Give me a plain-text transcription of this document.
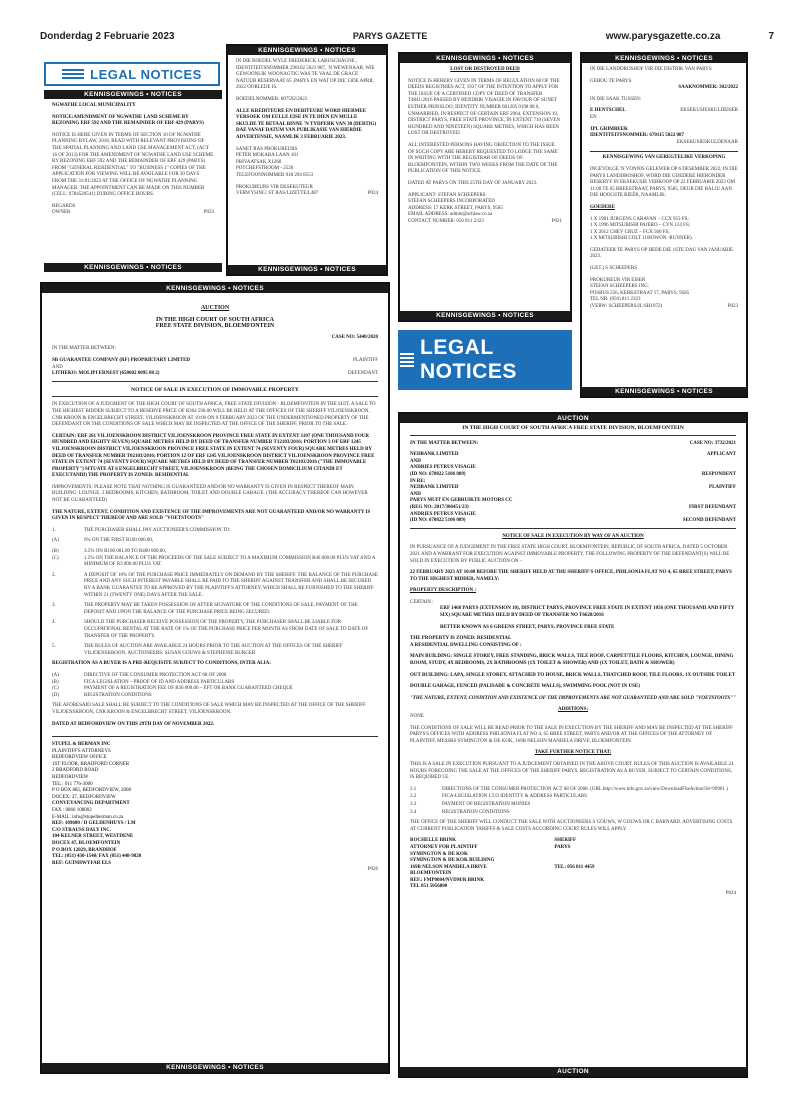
Donderdag 2 Februarie 2023	PARYS GAZETTE	www.parysgazette.co.za	7
LEGAL NOTICES
KENNISGEWINGS • NOTICES

NGWATHE LOCAL MUNICIPALITY

NOTICE:AMENDMENT OF NGWATHE LAND SCHEME BY REZONING ERF 592 AND THE REMAINDER OF ERF 429 (PARYS)

NOTICE IS HERE GIVEN IN TERMS OF SECTION 10 OF NGWATHE PLANNING BYLAW, 2018, READ WITH RELEVANT PROVISIONS OF THE SPATIAL PLANNING AND LAND USE MANAGEMENT ACT, (ACT 16 OF 2013) FOR THE AMENDMENT OF NGWATHE LAND USE SCHEME BY REZONING ERF 592 AND THE REMAINDER OF ERF 429 (PARYS) FROM "GENERAL RESIDENTIAL" TO "BUSINESS 1" COPIES OF THE APPLICATION FOR VIEWING WILL BE AVAILABLE FOR 30 DAYS FROM THE 31/01/2023 AT THE OFFICE OF NGWATHE PLANNING MANAGER. THE APPOINTMENT CAN BE MADE ON THIS NUMBER (CELL: 0784520541) DURING OFFICE HOURS.

REGARDS
OWNER	P033
KENNISGEWINGS • NOTICES
KENNISGEWINGS • NOTICES

IN DIE BOEDEL WYLE FREDERICK LABUSCHAGNE , IDENTITEITSNOMMER 290102 5021 087, 'N WEWENAAR, WIE GEWOONLIK WOONAGTIG WAS TE VAAL DE GRACE NATUUR RESERVAAT 65 ,PARYS EN WAT OP DIE 13DE APRIL 2022 OORLEDE IS.

BOEDELNOMMER: 007592/2022

ALLE KREDITEURE EN DEBITEURE WORD HIERMEE VERSOEK OM EULLE EISE IN TE DIEN EN MULLE SKULDE TE BETAAL BINNE 'N TYDPERK VAN 30 (DERTIG) DAE VANAF DATUM VAN PUBLIKASIE VAN HIERDIE ADVERTENSIE, NAAMLIK 3 FEBRUARIE 2023.

SANET RAS PROKUREURS
PETER MOKABA LAAN 101
PRIVAATSAK X1268
POTCHEFSTROOM - 2520

TELEFOONNOMMER 018 294 8553

PROKUREURS VIR EKSEKUTEUR
VERWYSING: ST RAS/LIZETTE/L487	P024
KENNISGEWINGS • NOTICES
KENNISGEWINGS • NOTICES

LOST OR DESTROYED DEED

NOTICE IS HEREBY GIVEN IN TERMS OF REGULATION 68 OF THE DEEDS REGISTRIES ACT, 1937 OF THE INTENTION TO APPLY FOR THE ISSUE OF A CERTIFIED COPY OF DEED OF TRANSFER T4841/2016 PASSED BY HENDRIK VISAGIE IN FAVOUR OF SUNET ESTHER PRINSLOO, IDENTITY NUMBER 601205 0198 08 0, UNMARRIED, IN RESPECT OF CERTAIN ERF 2964, EXTENSION 19, DISTRICT PARYS, FREE STATE PROVINCE, IN EXTENT 710 (SEVEN HUNDRED AND NINETEEN) SQUARE METRES, WHICH HAS BEEN LOST OR DESTROYED.

ALL INTERESTED PERSONS HAVING OBJECTION TO THE ISSUE OF SUCH COPY ARE HEREBY REQUESTED TO LODGE THE SAME IN WRITING WITH THE REGISTRAR OF DEEDS OF BLOEMFONTEIN, WITHIN TWO WEEKS FROM THE DATE OF THE PUBLICATION OF THIS NOTICE.

DATED AT PARYS ON THIS 25TH DAY OF JANUARY 2023.

APPLICANT: STEFAN SCHEEPERS
STEFAN SCHEEPERS INCORPORATED
ADDRESS: 17 KERK STREET, PARYS, 9585
EMAIL ADDRESS: admin@schlaw.co.za
CONTACT NUMBER: 056 811 2323	P021
KENNISGEWINGS • NOTICES
LEGAL NOTICES
KENNISGEWINGS • NOTICES

IN DIE LANDDROSHOF VIR DIE DISTRIK VAN PARYS

GEHOU TE PARYS

SAAKNOMMER: 302/2022

IN DIE SAAK TUSSEN:

E HENTSCHEL	EKSEKUSIESKULDEISER

EN

JPL GRIMBEEK
IDENTITEITSNOMMER: 670115 5022 087

EKSEKUSIESKULDENAAR

KENNISGEWING VAN GEREGTELIKE VERKOPING

INGEVOLGE 'N VONNIS GELEWER OP 6 DESEMBER 2022, IN DIE PARYS LANDDROSHOF, WORD DIE GOEDERE HIERONDER BESKRYF IN EKSEKUSIE VERKOOP OP 22 FEBRUARIE 2023 OM 11:00 TE 65 BREESTRAAT, PARYS, 9585, DEUR DIE BALJU AAN DIE HOOGSTE BIEËR, NAAMLIK:

GOEDERE

1 X 1981 JURGENS CARAVAN – CCX 953 FS;
1 X 1996 MITSUBISHI PAJERO – CYN 124 FS;
1 X 2012 CHEV CRUZ – FCX 560 FS;
1 X MITSUBISHI COLT 11003WON -RUNNER).

GEDATEER TE PARYS OP HEDE DIE 1STE DAG VAN JANUARIE 2023.

(GET.) S SCHEEPERS

PROKUREUR VIR EISER
STEFAN SCHEEPERS ING.
POSBUS 256, KERKSTRAAT 17, PARYS, 9585
TEL NR: (056) 811 2323
(VERW: SCHEEPERS/JL/SH1072)	P023
KENNISGEWINGS • NOTICES
KENNISGEWINGS • NOTICES

AUCTION

IN THE HIGH COURT OF SOUTH AFRICA

FREE STATE DIVISION, BLOEMFONTEIN

CASE NO: 5440/2020

IN THE MATTER BETWEEN:

SB GUARANTEE COMPANY (RF) PROPRIETARY LIMITED	PLAINTIFF
AND

LITHEKO: MOLIPI ERNEST (650602 6095 08 2)	DEFENDANT

NOTICE OF SALE IN EXECUTION OF IMMOVABLE PROPERTY

IN EXECUTION OF A JUDGMENT OF THE HIGH COURT OF SOUTH AFRICA, FREE STATE DIVISION - BLOEMFONTEIN IN THE SUIT, A SALE TO THE HIGHEST BIDDER SUBJECT TO A RESERVE PRICE OF R364 590.00 WILL BE HELD AT THE OFFICES OF THE SHERIFF VILJOENSKROON, CNR KROON & ENGELBRECHT STREET, VILJOENSKROON AT 10:00 ON 9 FEBRUARY 2023 OF THE UNDERMENTIONED PROPERTY OF THE DEFENDANT ON THE CONDITIONS OF SALE WHICH MAY BE INSPECTED AT THE OFFICE OF THE SHERIFF, PRIOR TO THE SALE.

CERTAIN: ERF 261 VILJOENSKROON DISTRICT VILJOENSKROON PROVINCE FREE STATE IN EXTENT 1107 (ONE THOUSAND FOUR HUNDRED AND EIGHTY SEVEN) SQUARE METRES HELD BY DEED OF TRANSFER NUMBER T12103/2016; PORTION 3 OF ERF 1245 VILJOENSKROON DISTRICT VILJOENSKROON PROVINCE FREE STATE IN EXTENT 74 (SEVENTY FOUR) SQUARE METRES HELD BY DEED OF TRANSFER NUMBER T02103/2016; PORTION 12 OF ERF 1245 VILJOENSKROON DISTRICT VILJOENSKROON PROVINCE FREE STATE IN EXTENT 74 (SEVENTY FOUR) SQUARE METRES HELD BY DEED OF TRANSFER NUMBER T02103/2016 ("THE IMMOVABLE PROPERTY") SITUATE AT 6 ENGELBRECHT STREET, VILJOENSKROON (BEING THE CHOSEN DOMICILIUM CITANDI ET EXECUTANDI) THE PROPERTY IS ZONED: RESIDENTIAL

IMPROVEMENTS: PLEASE NOTE THAT NOTHING IS GUARANTEED AND/OR NO WARRANTY IS GIVEN IN RESPECT THEREOF MAIN BUILDING: LOUNGE, 2 BEDROOMS, KITCHEN, BATHROOM, TOILET AND DOUBLE GARAGE. (THE ACCURACY THEREOF CAN HOWEVER NOT BE GUARANTEED)

THE NATURE, EXTENT, CONDITION AND EXISTENCE OF THE IMPROVEMENTS ARE NOT GUARANTEED AND/OR NO WARRANTY IS GIVEN IN RESPECT THEREOF AND ARE SOLD "VOETSTOOTS"

1.	THE PURCHASER SHALL PAY AUCTIONEER'S COMMISSION TO:
(A)	6% ON THE FIRST R100 000.00,
(B)	3.5% ON R100 001.00 TO R400 000.00,
(C)	1.5% ON THE BALANCE OF THE PROCEEDS OF THE SALE SUBJECT TO A MAXIMUM COMMISSION R40 000.00 PLUS VAT AND A MINIMUM OF R3 000.00 PLUS VAT
2.	A DEPOSIT OF 10% OF THE PURCHASE PRICE IMMEDIATELY ON DEMAND BY THE SHERIFF. THE BALANCE OF THE PURCHASE PRICE AND ANY SUCH INTEREST PAYABLE SHALL BE PAID TO THE SHERIFF AGAINST TRANSFER AND SHALL BE SECURED BY A BANK GUARANTEE TO BE APPROVED BY THE PLAINTIFF'S ATTORNEY, WHICH SHALL BE FURNISHED TO THE SHERIFF WITHIN 21 (TWENTY ONE) DAYS AFTER THE SALE.
3.	THE PROPERTY MAY BE TAKEN POSSESSION OF AFTER SIGNATURE OF THE CONDITIONS OF SALE, PAYMENT OF THE DEPOSIT AND UPON THE BALANCE OF THE PURCHASE PRICE BEING SECURED.
4.	SHOULD THE PURCHASER RECEIVE POSSESSION OF THE PROPERTY, THE PURCHASER SHALL BE LIABLE FOR OCCUPATIONAL RENTAL AT THE RATE OF 1% OF THE PURCHASE PRICE PER MONTH AS FROM DATE OF SALE TO DATE OF TRANSFER OF THE PROPERTY.
5.	THE RULES OF AUCTION ARE AVAILABLE 24 HOURS PRIOR TO THE AUCTION AT THE OFFICES OF THE SHERIFF VILJOENSKROON. AUCTIONEERS: SUSAN GOUWS & STEPHENIE BURGER

REGISTRATION AS A BUYER IS A PRE-REQUISITE SUBJECT TO CONDITIONS, INTER ALIA:

(A)	DIRECTIVE OF THE CONSUMER PROTECTION ACT 68 OF 2008
(B)	FICA LEGISLATION – PROOF OF ID AND ADDRESS PARTICULARS
(C)	PAYMENT OF A REGISTRATION FEE OF R30 000.00 – EFT OR BANK GUARANTEED CHEQUE
(D)	REGISTRATION CONDITIONS

THE AFORESAID SALE SHALL BE SUBJECT TO THE CONDITIONS OF SALE WHICH MAY BE INSPECTED AT THE OFFICE OF THE SHERIFF VILJOENSKROON, CNR KROON & ENGELBRECHT STREET, VILJOENSKROON.

DATED AT BEDFORDVIEW ON THIS 29TH DAY OF NOVEMBER 2022.

STUPEL & BERMAN INC
PLAINTIFF'S ATTORNEYS
BEDFORDVIEW OFFICE
1ST FLOOR, BRADFORD CORNER
2 BRADFORD ROAD
BEDFORDVIEW
TEL : 011 776-3000
P O BOX 885, BEDFORDVIEW, 2008
DOCEX: 27, BEDFORDVIEW
CONVEYANCING DEPARTMENT
FAX : 0866 108002
E-MAIL: info@stupelberman.co.za
REF: 109680 / D GELDENHUYS / LM
C/O STRAUSS DALY INC.
104 KELNER STREET, WESTDENE
DOCEX 47, BLOEMFONTEIN
P O BOX 12029, BRANDHOF
TEL: (051) 430-1540/ FAX (051) 448-9820
REF: GUINHWYFAR ELS
P026
KENNISGEWINGS • NOTICES
AUCTION

IN THE HIGH COURT OF SOUTH AFRICA FREE STATE DIVISION, BLOEMFONTEIN

IN THE MATTER BETWEEN:	CASE NO: 3732/2021

NEDBANK LIMITED	APPLICANT
AND
ANDRIES PETRUS VISAGIE
(ID NO: 670822 5106 089)	RESPONDENT
IN RE:
NEDBANK LIMITED	PLAINTIFF
AND
PARYS MUIT EN GEBRUIKTE MOTORS CC
(REG NO: 2017/306451/23)	FIRST DEFENDANT
ANDRIES PETRUS VISAGIE
(ID NO: 670822 5106 089)	SECOND DEFENDANT

NOTICE OF SALE IN EXECUTION BY WAY OF AN AUCTION

IN PURSUANCE OF A JUDGEMENT IN THE FREE STATE HIGH COURT, BLOEMFONTEIN, REPUBLIC OF SOUTH AFRICA, DATED 5 OCTOBER 2021 AND A WARRANT FOR EXECUTION AGAINST IMMOVABLE PROPERTY, THE FOLLOWING PROPERTY OF THE DEFENDANT(S) WILL BE SOLD IN EXECUTION BY PUBLIC AUCTION ON –

22 FEBRUARY 2023 AT 10:00 BEFORE THE SHERIFF HELD AT THE SHERIFF'S OFFICE, PHILSONIA FLAT NO 4, 65 BREE STREET, PARYS TO THE HIGHEST BIDDER, NAMELY:

PROPERTY DESCRIPTION :

CERTAIN :

ERF 1468 PARYS (EXTENSION 10), DISTRICT PARYS, PROVINCE FREE STATE IN EXTENT 1056 (ONE THOUSAND AND FIFTY SIX) SQUARE METRES HELD BY DEED OF TRANSFER NO T6628/2016

BETTER KNOWN AS 6 GREENS STREET, PARYS, PROVINCE FREE STATE

THE PROPERTY IS ZONED: RESIDENTIAL

A RESIDENTIAL DWELLING CONSISTING OF :

MAIN BUILDING: SINGLE STOREY, FREE STANDING, BRICK WALLS, TILE ROOF, CARPET/TILE FLOORS, KITCHEN, LOUNGE, DINING ROOM, STUDY, 4X BEDROOMS, 2X BATHROOMS (1X TOILET & SHOWER) AND (1X TOILET, BATH & SHOWER)

OUT BUILDING: LAPA, SINGLE STOREY, ATTACHED TO HOUSE, BRICK WALLS, THATCHED ROOF, TILE FLOORS, 1X OUTSIDE TOILET

DOUBLE GARAGE, FENCED (PALISADE & CONCRETE WALLS), SWIMMING POOL (NOT IN USE)

"THE NATURE, EXTENT, CONDITION AND EXISTENCE OF THE IMPROVEMENTS ARE NOT GUARANTEED AND ARE SOLD "VOETSTOOTS""

ADDITIONS:

NONE

THE CONDITIONS OF SALE WILL BE READ PRIOR TO THE SALE IN EXECUTION BY THE SHERIFF AND MAY BE INSPECTED AT THE SHERIFF PARYS'S OFFICES WITH ADDRESS PHILSONIA FLAT NO 4, 65 BREE STREET, PARYS AND/OR AT THE OFFICES OF THE ATTORNEY OF PLAINTIFF, MESSRS SYMINGTON & DE KOK, 169B NELSON MANDELA DRIVE, BLOEMFONTEIN.

TAKE FURTHER NOTICE THAT:

THIS IS A SALE IN EXECUTION PURSUANT TO A JUDGEMENT OBTAINED IN THE ABOVE COURT. RULES OF THIS AUCTION IS AVAILABLE 24 HOURS FOREGOING THE SALE AT THE OFFICES OF THE SHERIFF PARYS. REGISTRATION AS A BUYER, SUBJECT TO CERTAIN CONDITIONS, IS REQUIRED I.E.

3.1	DIRECTIONS OF THE CONSUMER PROTECTION ACT 68 OF 2008. (URL http://www.info.gov.za/view/DownloadFileAction?id=99961 )
3.2	FICA-LEGISLATION I.T.O IDENTITY & ADDRESS PARTICULARS
3.3	PAYMENT OF REGISTRATION MONIES
3.4	REGISTRATION CONDITIONS

THE OFFICE OF THE SHERIFF WILL CONDUCT THE SALE WITH AUCTIONEERS S GOUWS, W GOUWS OR C BARNARD. ADVERTISING COSTS AT CURRENT PUBLICATION TARIFFS & SALE COSTS ACCORDING COURT RULES WILL APPLY.

ROCHELLE BRINK
ATTORNEY FOR PLAINTIFF
SYMINGTON & DE KOK
SYMINGTON & DE KOK BUILDING
169B NELSON MANDELA DRIVE
BLOEMFONTEIN
REF.: FMP0084/NVDM/R BRINK
TEL 051 5056800
SHERIFF
PARYS

TEL: 056 811 4459
P024
AUCTION
